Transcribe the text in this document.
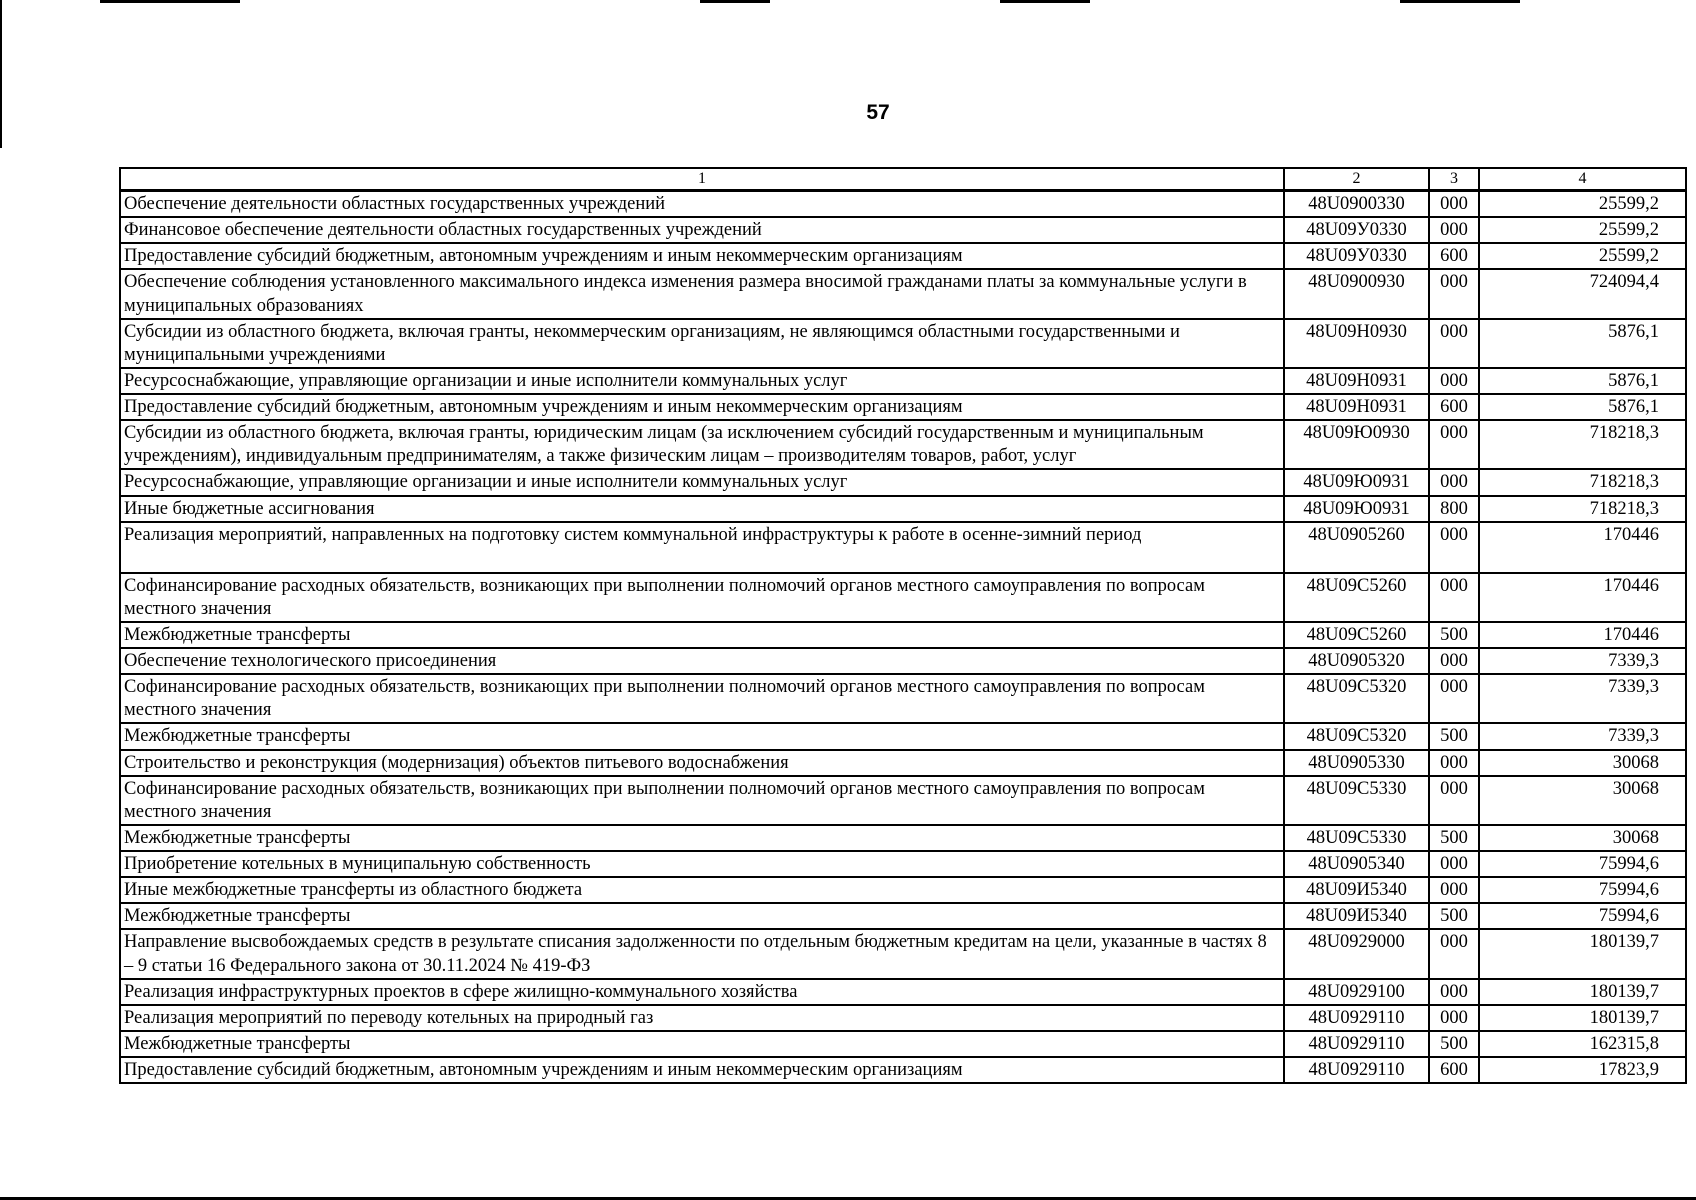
57
1	2	3	4
Обеспечение деятельности областных государственных учреждений	48U0900330	000	25599,2
Финансовое обеспечение деятельности областных государственных учреждений	48U09У0330	000	25599,2
Предоставление субсидий бюджетным, автономным учреждениям и иным некоммерческим организациям	48U09У0330	600	25599,2
Обеспечение соблюдения установленного максимального индекса изменения размера вносимой гражданами платы за коммунальные услуги в муниципальных образованиях	48U0900930	000	724094,4
Субсидии из областного бюджета, включая гранты, некоммерческим организациям, не являющимся областными государственными и муниципальными учреждениями	48U09H0930	000	5876,1
Ресурсоснабжающие, управляющие организации и иные исполнители коммунальных услуг	48U09H0931	000	5876,1
Предоставление субсидий бюджетным, автономным учреждениям и иным некоммерческим организациям	48U09H0931	600	5876,1
Субсидии из областного бюджета, включая гранты, юридическим лицам (за исключением субсидий государственным и муниципальным учреждениям), индивидуальным предпринимателям, а также физическим лицам – производителям товаров, работ, услуг	48U09Ю0930	000	718218,3
Ресурсоснабжающие, управляющие организации и иные исполнители коммунальных услуг	48U09Ю0931	000	718218,3
Иные бюджетные ассигнования	48U09Ю0931	800	718218,3
Реализация мероприятий, направленных на подготовку систем коммунальной инфраструктуры к работе в осенне-зимний период	48U0905260	000	170446
Софинансирование расходных обязательств, возникающих при выполнении полномочий органов местного самоуправления по вопросам местного значения	48U09C5260	000	170446
Межбюджетные трансферты	48U09C5260	500	170446
Обеспечение технологического присоединения	48U0905320	000	7339,3
Софинансирование расходных обязательств, возникающих при выполнении полномочий органов местного самоуправления по вопросам местного значения	48U09C5320	000	7339,3
Межбюджетные трансферты	48U09C5320	500	7339,3
Строительство и реконструкция (модернизация) объектов питьевого водоснабжения	48U0905330	000	30068
Софинансирование расходных обязательств, возникающих при выполнении полномочий органов местного самоуправления по вопросам местного значения	48U09C5330	000	30068
Межбюджетные трансферты	48U09C5330	500	30068
Приобретение котельных в муниципальную собственность	48U0905340	000	75994,6
Иные межбюджетные трансферты из областного бюджета	48U09И5340	000	75994,6
Межбюджетные трансферты	48U09И5340	500	75994,6
Направление высвобождаемых средств в результате списания задолженности по отдельным бюджетным кредитам на цели, указанные в частях 8 – 9 статьи 16 Федерального закона от 30.11.2024 № 419-ФЗ	48U0929000	000	180139,7
Реализация инфраструктурных проектов в сфере жилищно-коммунального хозяйства	48U0929100	000	180139,7
Реализация мероприятий по переводу котельных на природный газ	48U0929110	000	180139,7
Межбюджетные трансферты	48U0929110	500	162315,8
Предоставление субсидий бюджетным, автономным учреждениям и иным некоммерческим организациям	48U0929110	600	17823,9
